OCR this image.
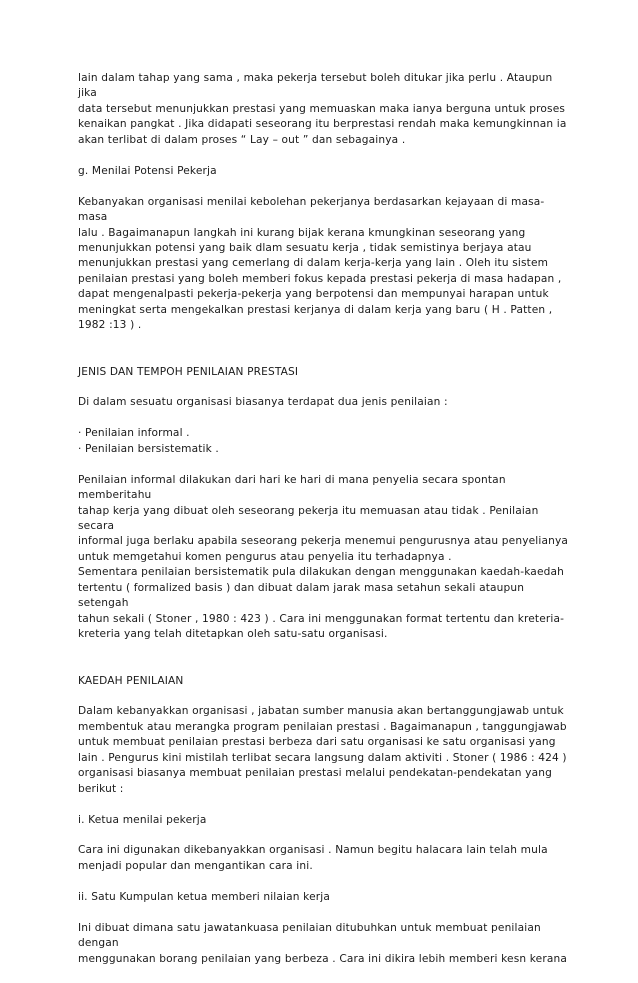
lain dalam tahap yang sama , maka pekerja tersebut boleh ditukar jika perlu . Ataupun jika
data tersebut menunjukkan prestasi yang memuaskan maka ianya berguna untuk proses
kenaikan pangkat . Jika didapati seseorang itu berprestasi rendah maka kemungkinnan ia
akan terlibat di dalam proses “ Lay – out ” dan sebagainya .
g. Menilai Potensi Pekerja
Kebanyakan organisasi menilai kebolehan pekerjanya berdasarkan kejayaan di masa-masa
lalu . Bagaimanapun langkah ini kurang bijak kerana kmungkinan seseorang yang
menunjukkan potensi yang baik dlam sesuatu kerja , tidak semistinya berjaya atau
menunjukkan prestasi yang cemerlang di dalam kerja-kerja yang lain . Oleh itu sistem
penilaian prestasi yang boleh memberi fokus kepada prestasi pekerja di masa hadapan ,
dapat mengenalpasti pekerja-pekerja yang berpotensi dan mempunyai harapan untuk
meningkat serta mengekalkan prestasi kerjanya di dalam kerja yang baru ( H . Patten ,
1982 :13 ) .
JENIS DAN TEMPOH PENILAIAN PRESTASI
Di dalam sesuatu organisasi biasanya terdapat dua jenis penilaian :
· Penilaian informal .
· Penilaian bersistematik .
Penilaian informal dilakukan dari hari ke hari di mana penyelia secara spontan memberitahu
tahap kerja yang dibuat oleh seseorang pekerja itu memuasan atau tidak . Penilaian secara
informal juga berlaku apabila seseorang pekerja menemui pengurusnya atau penyelianya
untuk memgetahui komen pengurus atau penyelia itu terhadapnya .
Sementara penilaian bersistematik pula dilakukan dengan menggunakan kaedah-kaedah
tertentu ( formalized basis ) dan dibuat dalam jarak masa setahun sekali ataupun setengah
tahun sekali ( Stoner , 1980 : 423 ) . Cara ini menggunakan format tertentu dan kreteria-
kreteria yang telah ditetapkan oleh satu-satu organisasi.
KAEDAH PENILAIAN
Dalam kebanyakkan organisasi , jabatan sumber manusia akan bertanggungjawab untuk
membentuk atau merangka program penilaian prestasi . Bagaimanapun , tanggungjawab
untuk membuat penilaian prestasi berbeza dari satu organisasi ke satu organisasi yang
lain . Pengurus kini mistilah terlibat secara langsung dalam aktiviti . Stoner ( 1986 : 424 )
organisasi biasanya membuat penilaian prestasi melalui pendekatan-pendekatan yang
berikut :
i. Ketua menilai pekerja
Cara ini digunakan dikebanyakkan organisasi . Namun begitu halacara lain telah mula
menjadi popular dan mengantikan cara ini.
ii. Satu Kumpulan ketua memberi nilaian kerja
Ini dibuat dimana satu jawatankuasa penilaian ditubuhkan untuk membuat penilaian dengan
menggunakan borang penilaian yang berbeza . Cara ini dikira lebih memberi kesn kerana
